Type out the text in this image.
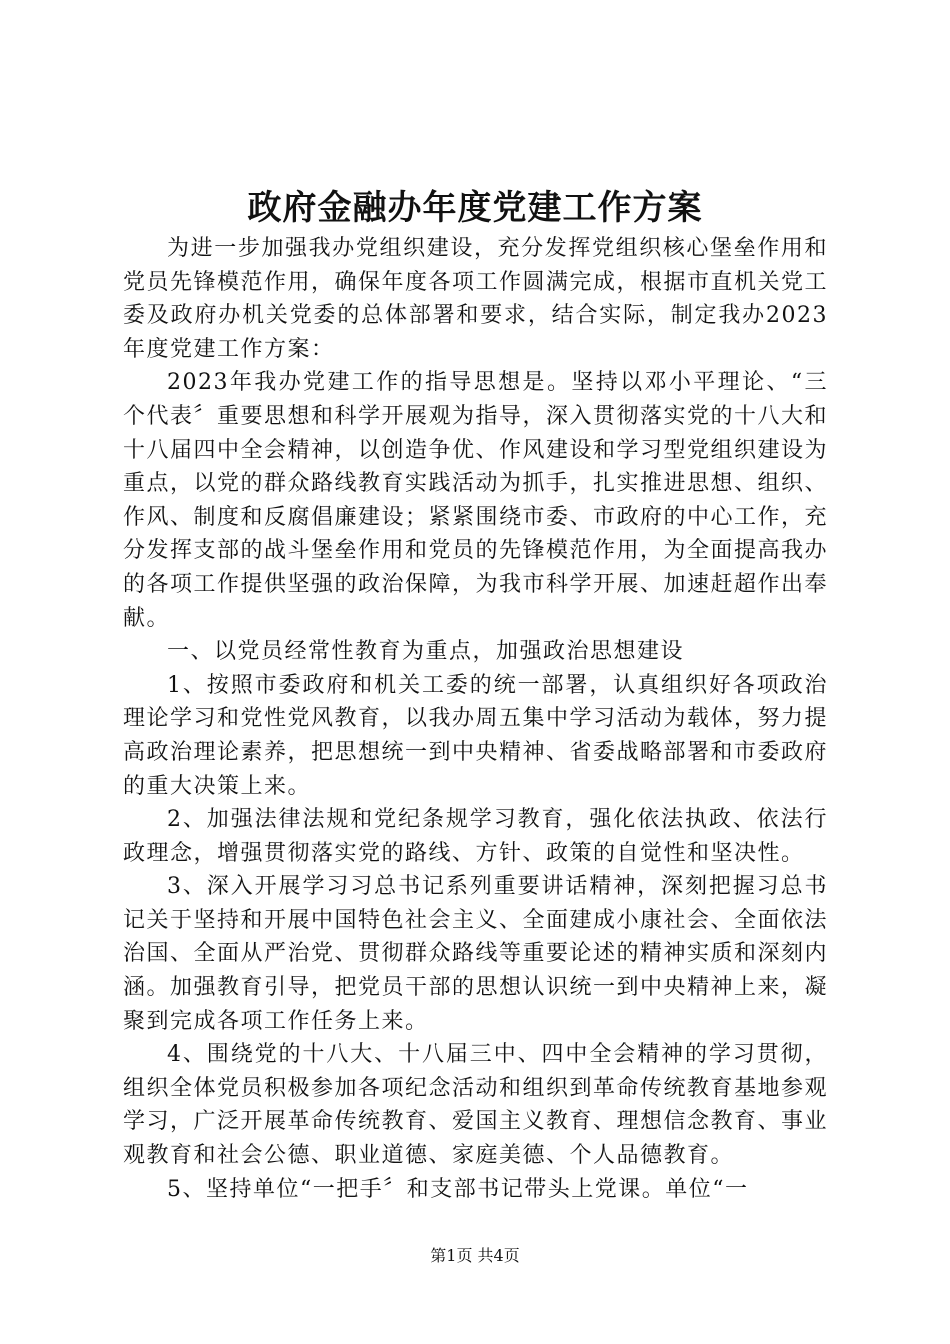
政府金融办年度党建工作方案

为进一步加强我办党组织建设，充分发挥党组织核心堡垒作用和党员先锋模范作用，确保年度各项工作圆满完成，根据市直机关党工委及政府办机关党委的总体部署和要求，结合实际，制定我办2023年度党建工作方案：

2023年我办党建工作的指导思想是。坚持以邓小平理论、“三个代表〞重要思想和科学开展观为指导，深入贯彻落实党的十八大和十八届四中全会精神，以创造争优、作风建设和学习型党组织建设为重点，以党的群众路线教育实践活动为抓手，扎实推进思想、组织、作风、制度和反腐倡廉建设；紧紧围绕市委、市政府的中心工作，充分发挥支部的战斗堡垒作用和党员的先锋模范作用，为全面提高我办的各项工作提供坚强的政治保障，为我市科学开展、加速赶超作出奉献。

一、以党员经常性教育为重点，加强政治思想建设

1、按照市委政府和机关工委的统一部署，认真组织好各项政治理论学习和党性党风教育，以我办周五集中学习活动为载体，努力提高政治理论素养，把思想统一到中央精神、省委战略部署和市委政府的重大决策上来。

2、加强法律法规和党纪条规学习教育，强化依法执政、依法行政理念，增强贯彻落实党的路线、方针、政策的自觉性和坚决性。

3、深入开展学习习总书记系列重要讲话精神，深刻把握习总书记关于坚持和开展中国特色社会主义、全面建成小康社会、全面依法治国、全面从严治党、贯彻群众路线等重要论述的精神实质和深刻内涵。加强教育引导，把党员干部的思想认识统一到中央精神上来，凝聚到完成各项工作任务上来。

4、围绕党的十八大、十八届三中、四中全会精神的学习贯彻，组织全体党员积极参加各项纪念活动和组织到革命传统教育基地参观学习，广泛开展革命传统教育、爱国主义教育、理想信念教育、事业观教育和社会公德、职业道德、家庭美德、个人品德教育。

5、坚持单位“一把手〞和支部书记带头上党课。单位“一

第1页 共4页
